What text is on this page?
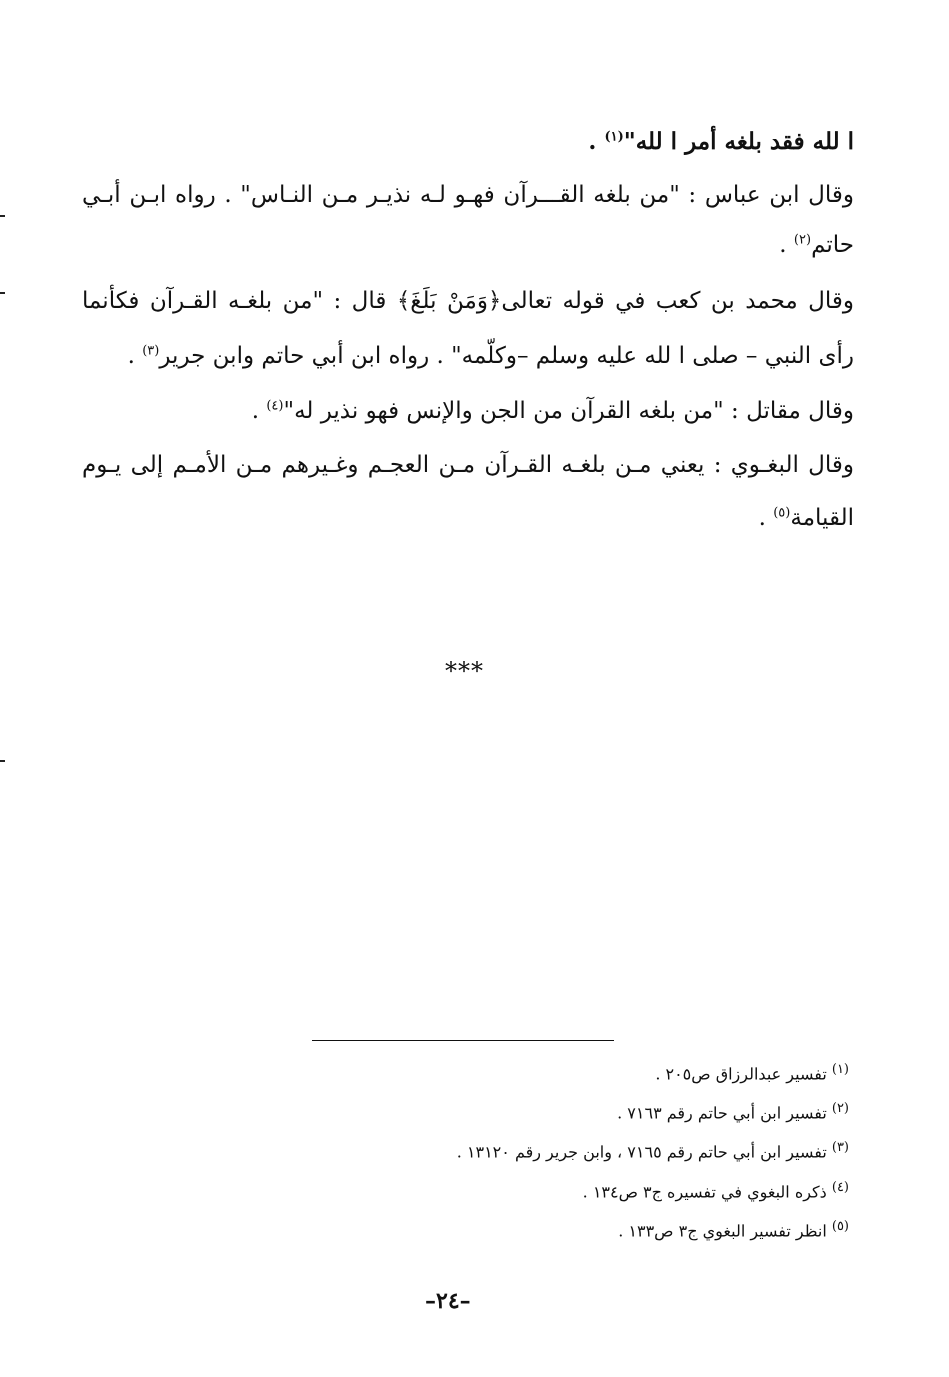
ا لله فقد بلغه أمر ا لله"$^{(١)}$ .
وقال ابن عباس : "من بلغه القـــرآن فهـو لـه نذيـر مـن النـاس" . رواه ابـن أبـي
حاتم$^{(٢)}$ .
وقال محمد بن كعب في قوله تعالى﴿وَمَنْ بَلَغَ﴾ قال : "من بلغـه القـرآن فكأنما
رأى النبي – صلى ا لله عليه وسلم –وكلّمه" . رواه ابن أبي حاتم وابن جرير$^{(٣)}$ .
وقال مقاتل : "من بلغه القرآن من الجن والإنس فهو نذير له"$^{(٤)}$ .
وقال البغـوي : يعني مـن بلغـه القـرآن مـن العجـم وغـيرهم مـن الأمـم إلى يـوم
القيامة$^{(٥)}$ .
***
$^{(١)}$ تفسير عبدالرزاق ص٢٠٥ .
$^{(٢)}$ تفسير ابن أبي حاتم رقم ٧١٦٣ .
$^{(٣)}$ تفسير ابن أبي حاتم رقم ٧١٦٥ ، وابن جرير رقم ١٣١٢٠ .
$^{(٤)}$ ذكره البغوي في تفسيره ج٣ ص١٣٤ .
$^{(٥)}$ انظر تفسير البغوي ج٣ ص١٣٣ .
–٢٤–
